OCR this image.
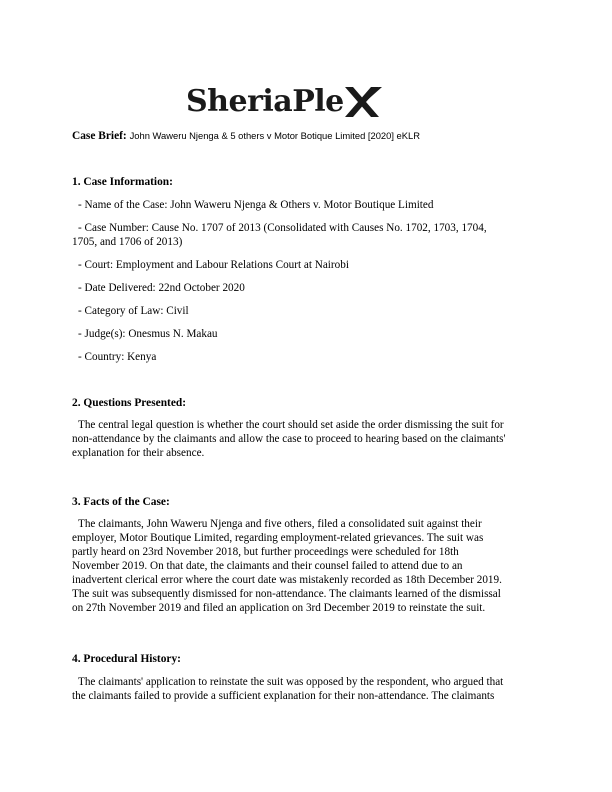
SheriaPle
Case Brief: John Waweru Njenga & 5 others v Motor Botique Limited [2020] eKLR

1. Case Information:

- Name of the Case: John Waweru Njenga & Others v. Motor Boutique Limited

- Case Number: Cause No. 1707 of 2013 (Consolidated with Causes No. 1702, 1703, 1704,

1705, and 1706 of 2013)

- Court: Employment and Labour Relations Court at Nairobi

- Date Delivered: 22nd October 2020

- Category of Law: Civil

- Judge(s): Onesmus N. Makau

- Country: Kenya

2. Questions Presented:

The central legal question is whether the court should set aside the order dismissing the suit for

non-attendance by the claimants and allow the case to proceed to hearing based on the claimants'

explanation for their absence.

3. Facts of the Case:

The claimants, John Waweru Njenga and five others, filed a consolidated suit against their

employer, Motor Boutique Limited, regarding employment-related grievances. The suit was

partly heard on 23rd November 2018, but further proceedings were scheduled for 18th

November 2019. On that date, the claimants and their counsel failed to attend due to an

inadvertent clerical error where the court date was mistakenly recorded as 18th December 2019.

The suit was subsequently dismissed for non-attendance. The claimants learned of the dismissal

on 27th November 2019 and filed an application on 3rd December 2019 to reinstate the suit.

4. Procedural History:

The claimants' application to reinstate the suit was opposed by the respondent, who argued that

the claimants failed to provide a sufficient explanation for their non-attendance. The claimants
